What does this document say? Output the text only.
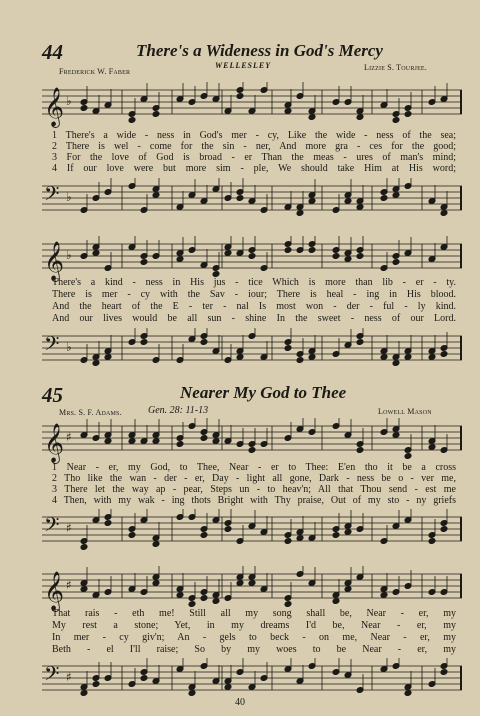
44	There's a Wideness in God's Mercy
Frederick W. Faber
WELLESLEY	Lizzie S. Tourjee.
𝄞 ♭
1 There's a wide - ness in God's mer - cy, Like the wide - ness of the sea;
2 There is wel - come for the sin - ner, And more gra - ces for the good;
3 For the love of God is broad - er Than the meas - ures of man's mind;
4 If our love were but more sim - ple, We should take Him at His word;
𝄢 ♭
𝄞 ♭
There's a kind - ness in His jus - tice Which is more than lib - er - ty.
There is mer - cy with the Sav - iour; There is heal - ing in His blood.
And the heart of the E - ter - nal Is most won - der - ful - ly kind.
And our lives would be all sun - shine In the sweet - ness of our Lord.
𝄢 ♭
45	Nearer My God to Thee
Mrs. S. F. Adams.	Gen. 28: 11-13	Lowell Mason
𝄞 ♯
1 Near - er, my God, to Thee, Near - er to Thee: E'en tho it be a cross
2 Tho like the wan - der - er, Day - light all gone, Dark - ness be o - ver me,
3 There let the way ap - pear, Steps un - to heav'n; All that Thou send - est me
4 Then, with my wak - ing thots Bright with Thy praise, Out of my sto - ny griefs
𝄢 ♯
𝄞 ♯
That rais - eth me! Still all my song shall be, Near - er, my
My rest a stone; Yet, in my dreams I'd be, Near - er, my
In mer - cy giv'n; An - gels to beck - on me, Near - er, my
Beth - el I'll raise; So by my woes to be Near - er, my
𝄢 ♯
40
